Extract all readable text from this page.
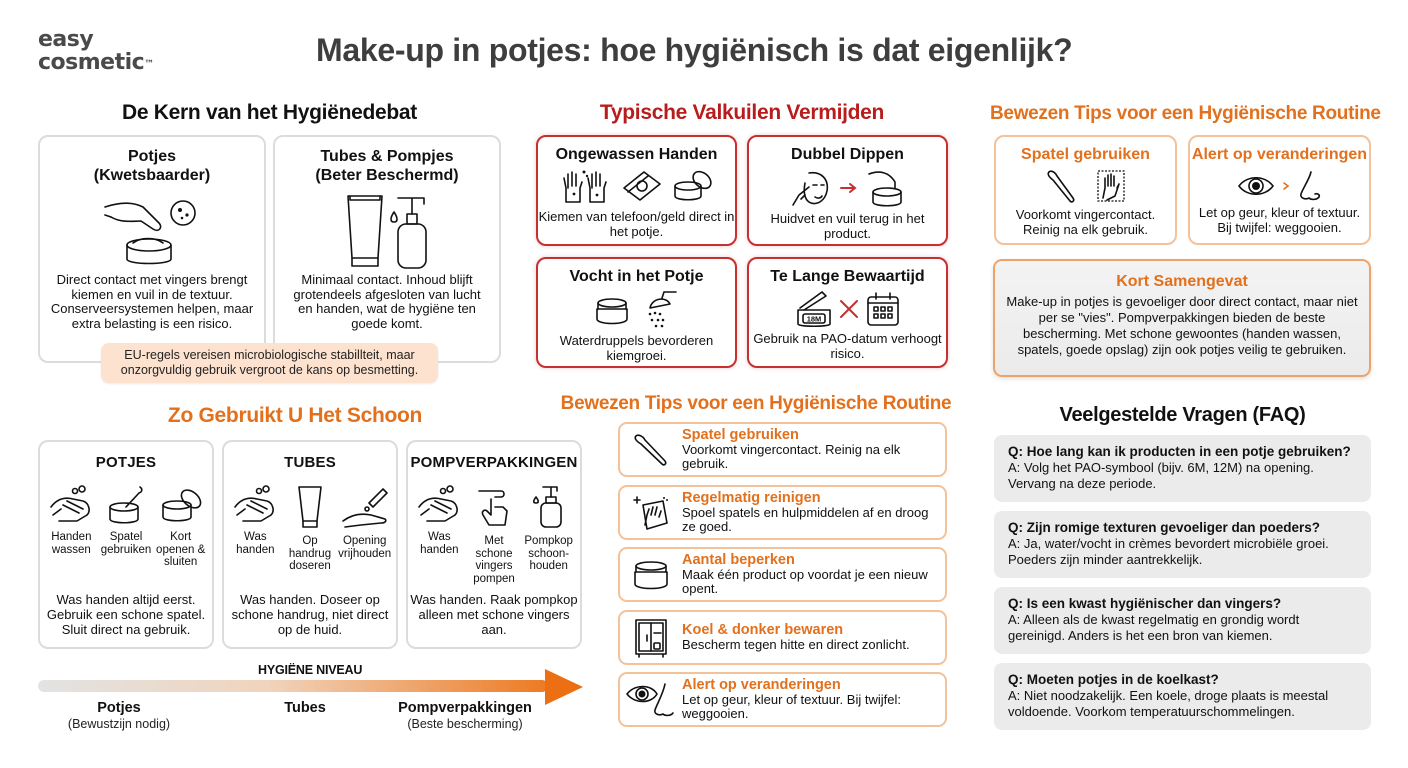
easy
cosmetic™	Make-up in potjes: hoe hygiënisch is dat eigenlijk?
De Kern van het Hygiënedebat
Potjes
(Kwetsbaarder)

Direct contact met vingers brengt kiemen en vuil in de textuur. Conserveersystemen helpen, maar extra belasting is een risico.

Tubes & Pompjes
(Beter Beschermd)

Minimaal contact. Inhoud blijft grotendeels afgesloten van lucht en handen, wat de hygiëne ten goede komt.

EU-regels vereisen microbiologische stabillteit, maar onzorgvuldig gebruik vergroot de kans op besmetting.
Typische Valkuilen Vermijden
Ongewassen Handen

Kiemen van telefoon/geld direct in het potje.

Dubbel Dippen

Huidvet en vuil terug in het product.

Vocht in het Potje

Waterdruppels bevorderen kiemgroei.

Te Lange Bewaartijd
18M

Gebruik na PAO-datum verhoogt risico.

Bewezen Tips voor een Hygiënische Routine
Spatel gebruiken

Voorkomt vingercontact.
Reinig na elk gebruik.

Alert op veranderingen

Let op geur, kleur of textuur.
Bij twijfel: weggooien.

Kort Samengevat

Make-up in potjes is gevoeliger door direct contact, maar niet per se "vies". Pompverpakkingen bieden de beste bescherming. Met schone gewoontes (handen wassen, spatels, goede opslag) zijn ook potjes veilig te gebruiken.

Zo Gebruikt U Het Schoon
POTJES
Handen wassen
Spatel gebruiken
Kort openen & sluiten

Was handen altijd eerst. Gebruik een schone spatel. Sluit direct na gebruik.

TUBES
Was handen
Op handrug doseren
Opening vrijhouden

Was handen. Doseer op schone handrug, niet direct op de huid.

POMPVERPAKKINGEN
Was handen
Met schone vingers pompen
Pompkop schoon-houden

Was handen. Raak pompkop alleen met schone vingers aan.

HYGIËNE NIVEAU
Potjes
(Bewustzijn nodig)
Tubes	Pompverpakkingen
(Beste bescherming)
Bewezen Tips voor een Hygiënische Routine
Spatel gebruiken
Voorkomt vingercontact. Reinig na elk gebruik.
Regelmatig reinigen
Spoel spatels en hulpmiddelen af en droog ze goed.
Aantal beperken
Maak één product op voordat je een nieuw opent.
Koel & donker bewaren
Bescherm tegen hitte en direct zonlicht.
Alert op veranderingen
Let op geur, kleur of textuur. Bij twijfel: weggooien.
Veelgestelde Vragen (FAQ)
Q: Hoe lang kan ik producten in een potje gebruiken?
A: Volg het PAO-symbool (bijv. 6M, 12M) na opening. Vervang na deze periode.
Q: Zijn romige texturen gevoeliger dan poeders?
A: Ja, water/vocht in crèmes bevordert microbiële groei. Poeders zijn minder aantrekkelijk.
Q: Is een kwast hygiënischer dan vingers?
A: Alleen als de kwast regelmatig en grondig wordt gereinigd. Anders is het een bron van kiemen.
Q: Moeten potjes in de koelkast?
A: Niet noodzakelijk. Een koele, droge plaats is meestal voldoende. Voorkom temperatuurschommelingen.
